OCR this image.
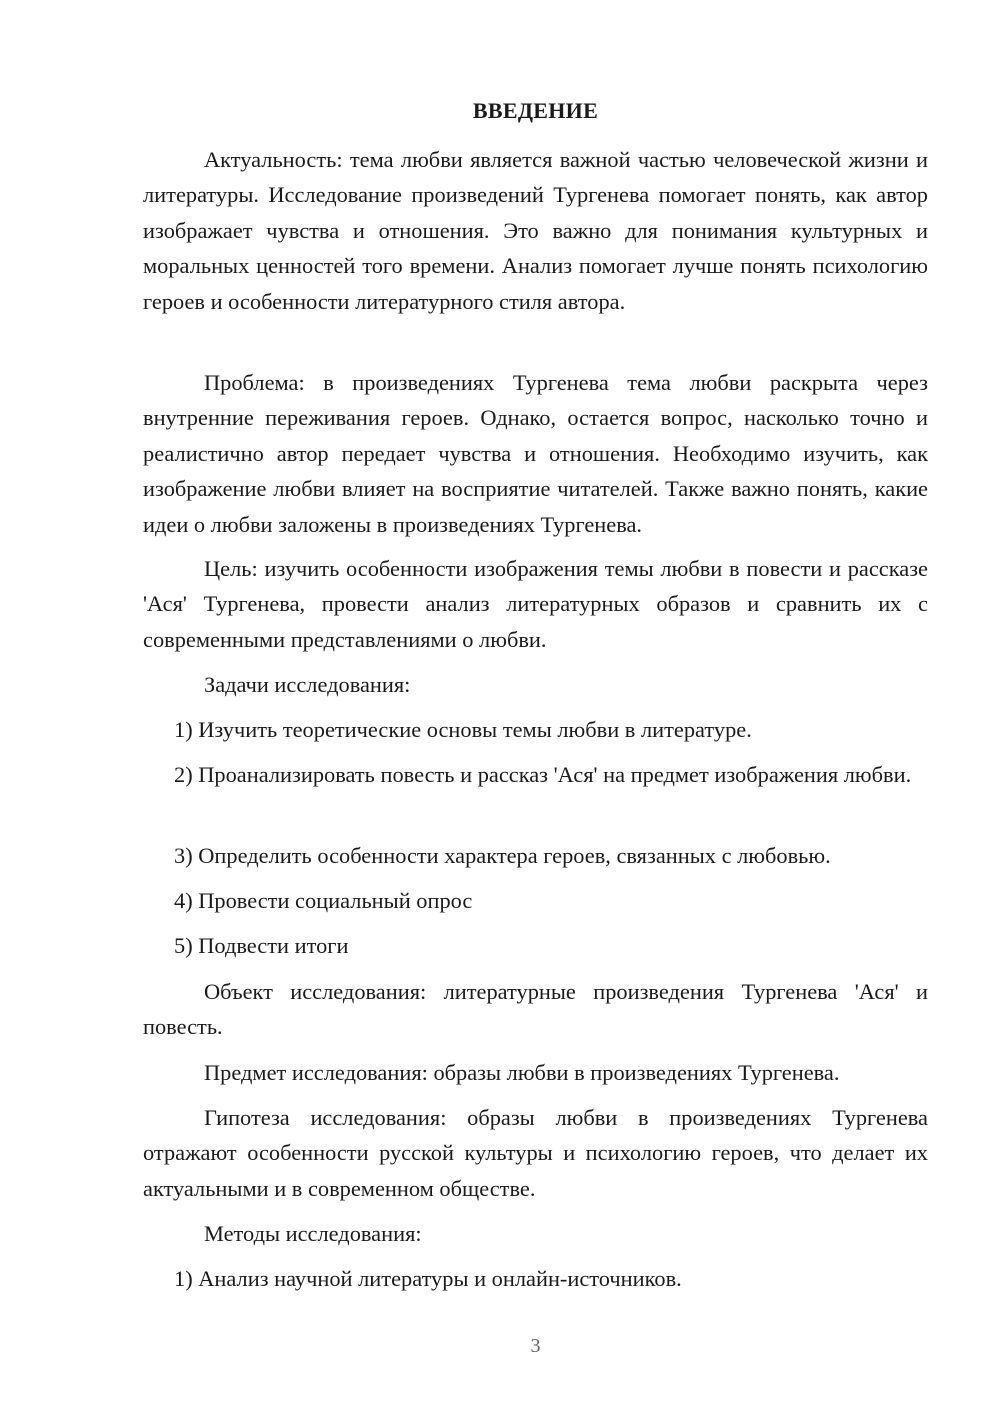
ВВЕДЕНИЕ

Актуальность: тема любви является важной частью человеческой жизни и литературы. Исследование произведений Тургенева помогает понять, как автор изображает чувства и отношения. Это важно для понимания культурных и моральных ценностей того времени. Анализ помогает лучше понять психологию героев и особенности литературного стиля автора.

Проблема: в произведениях Тургенева тема любви раскрыта через внутренние переживания героев. Однако, остается вопрос, насколько точно и реалистично автор передает чувства и отношения. Необходимо изучить, как изображение любви влияет на восприятие читателей. Также важно понять, какие идеи о любви заложены в произведениях Тургенева.

Цель: изучить особенности изображения темы любви в повести и рассказе 'Ася' Тургенева, провести анализ литературных образов и сравнить их с современными представлениями о любви.

Задачи исследования:

1) Изучить теоретические основы темы любви в литературе.

2) Проанализировать повесть и рассказ 'Ася' на предмет изображения любви.

3) Определить особенности характера героев, связанных с любовью.

4) Провести социальный опрос

5) Подвести итоги

Объект исследования: литературные произведения Тургенева 'Ася' и повесть.

Предмет исследования: образы любви в произведениях Тургенева.

Гипотеза исследования: образы любви в произведениях Тургенева отражают особенности русской культуры и психологию героев, что делает их актуальными и в современном обществе.

Методы исследования:

1) Анализ научной литературы и онлайн-источников.

3
